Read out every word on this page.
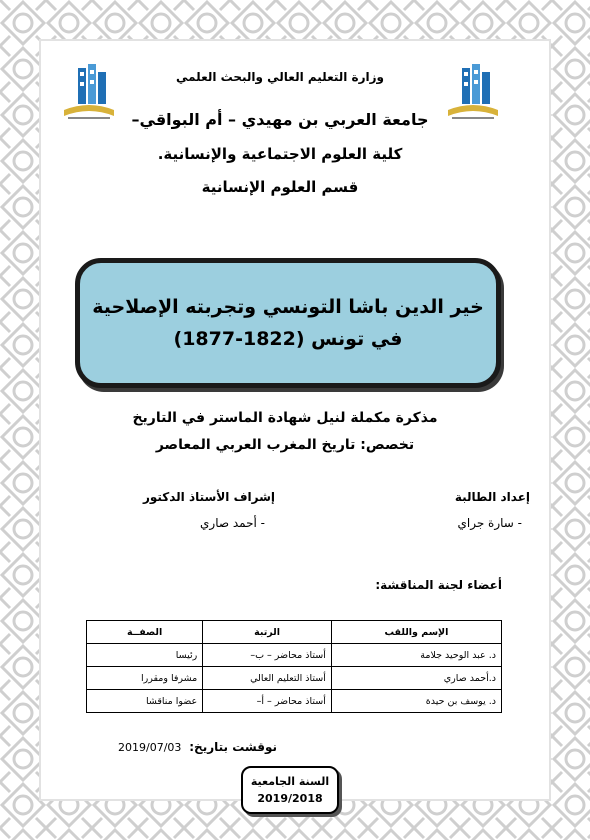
وزارة التعليم العالي والبحث العلمي
جامعة العربي بن مهيدي – أم البواقي–
كلية العلوم الاجتماعية والإنسانية.
قسم العلوم الإنسانية
خير الدين باشا التونسي وتجربته الإصلاحية
في تونس (1822-1877)
مذكرة مكملة لنيل شهادة الماستر في التاريخ
تخصص: تاريخ المغرب العربي المعاصر
إعداد الطالبة
- سارة جراي
إشراف الأستاذ الدكتور
- أحمد صاري
أعضاء لجنة المناقشة:
الإسم واللقب	الرتبة	الصفــة
د. عبد الوحيد جلامة	أستاذ محاضر – ب–	رئيسا
د.أحمد صاري	أستاذ التعليم العالي	مشرفا ومقررا
د. يوسف بن حيدة	أستاذ محاضر – أ–	عضوا مناقشا
نوقشت بتاريخ:
2019/07/03
السنة الجامعية
2019/2018
